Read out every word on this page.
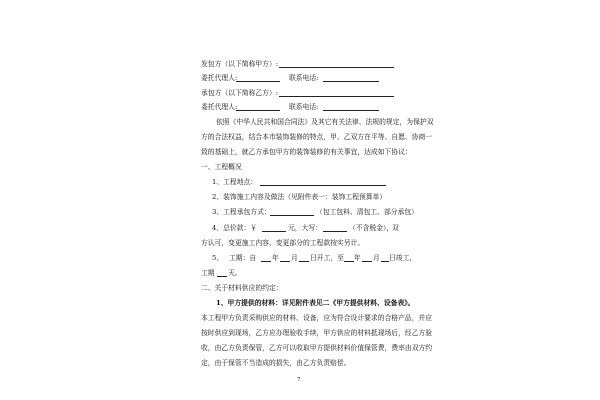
发包方（以下简称甲方）:
委托代理人:	联系电话:
承包方（以下简称乙方）:
委托代理人:	联系电话:
依照《中华人民共和国合同法》及其它有关法律、法规的规定，为保护双
方的合法权益，结合本市装饰装修的特点，甲、乙双方在平等、自愿、协商一
致的基础上，就乙方承包甲方的装饰装修的有关事宜，达成如下协议：
一、工程概况
1、工程地点：
2、装饰施工内容及做法（见附件表一：装饰工程预算单）
3、工程承包方式：	（包工包料、清包工、部分承包）
4、总价款：￥	元，大写：	（不含税金），
双
方认可，变更施工内容、变更部分的工程款按实另计。
5、 工期：自 年 月 日开工，至 年 月 日竣工，
工期 天。
二、关于材料供应的约定：
1、甲方提供的材料：详见附件表见二《甲方提供材料、设备表》。
本工程甲方负责采购供应的材料、设备，应为符合设计要求的合格产品，并应
按时供应到现场，乙方应办理验收手续，甲方供应的材料抵现场后，经乙方验
收，由乙方负责保管，乙方可以收取甲方提供材料价值保管费，费率由双方约
定，由于保管不当造成的损失，由乙方负责赔偿。
7
